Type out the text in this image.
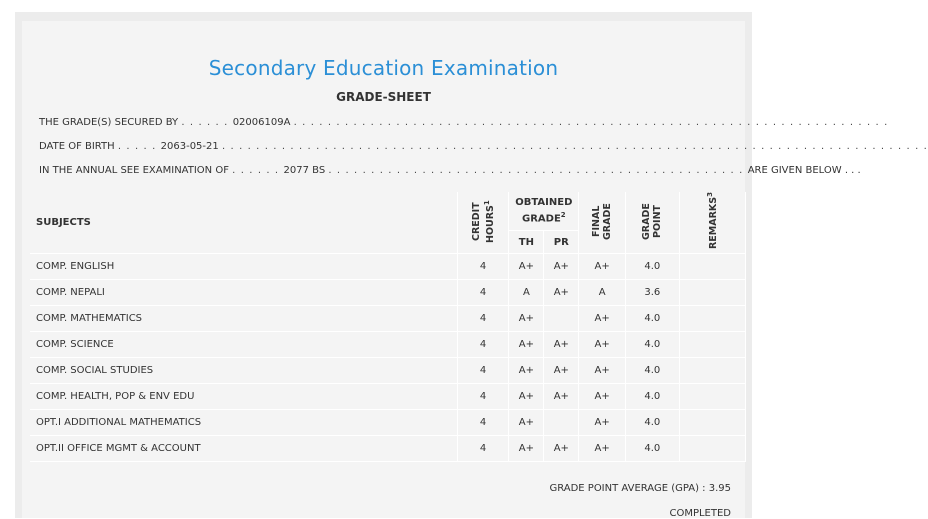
Secondary Education Examination
GRADE-SHEET
THE GRADE(S) SECURED BY . . . . . . 02006109A . . . . . . . . . . . . . . . . . . . . . . . . . . . . . . . . . . . . . . . . . . . . . . . . . . . . . . . . . . . . . . . . . . . . . .
DATE OF BIRTH . . . . . 2063-05-21 . . . . . . . . . . . . . . . . . . . . . . . . . . . . . . . . . . . . . . . . . . . . . . . . . . . . . . . . . . . . . . . . . . . . . . . . . . . . . . . . . . .
IN THE ANNUAL SEE EXAMINATION OF . . . . . . 2077 BS . . . . . . . . . . . . . . . . . . . . . . . . . . . . . . . . . . . . . . . . . . . . . . . . . ARE GIVEN BELOW . . .
SUBJECTS	CREDIT HOURS$^1$	OBTAINED GRADE$^2$		FINAL GRADE	GRADE POINT	REMARKS$^3$
		TH	PR			
COMP. ENGLISH	4	A+	A+	A+	4.0	
COMP. NEPALI	4	A	A+	A	3.6	
COMP. MATHEMATICS	4	A+		A+	4.0	
COMP. SCIENCE	4	A+	A+	A+	4.0	
COMP. SOCIAL STUDIES	4	A+	A+	A+	4.0	
COMP. HEALTH, POP & ENV EDU	4	A+	A+	A+	4.0	
OPT.I ADDITIONAL MATHEMATICS	4	A+		A+	4.0	
OPT.II OFFICE MGMT & ACCOUNT	4	A+	A+	A+	4.0	
GRADE POINT AVERAGE (GPA) : 3.95
COMPLETED
